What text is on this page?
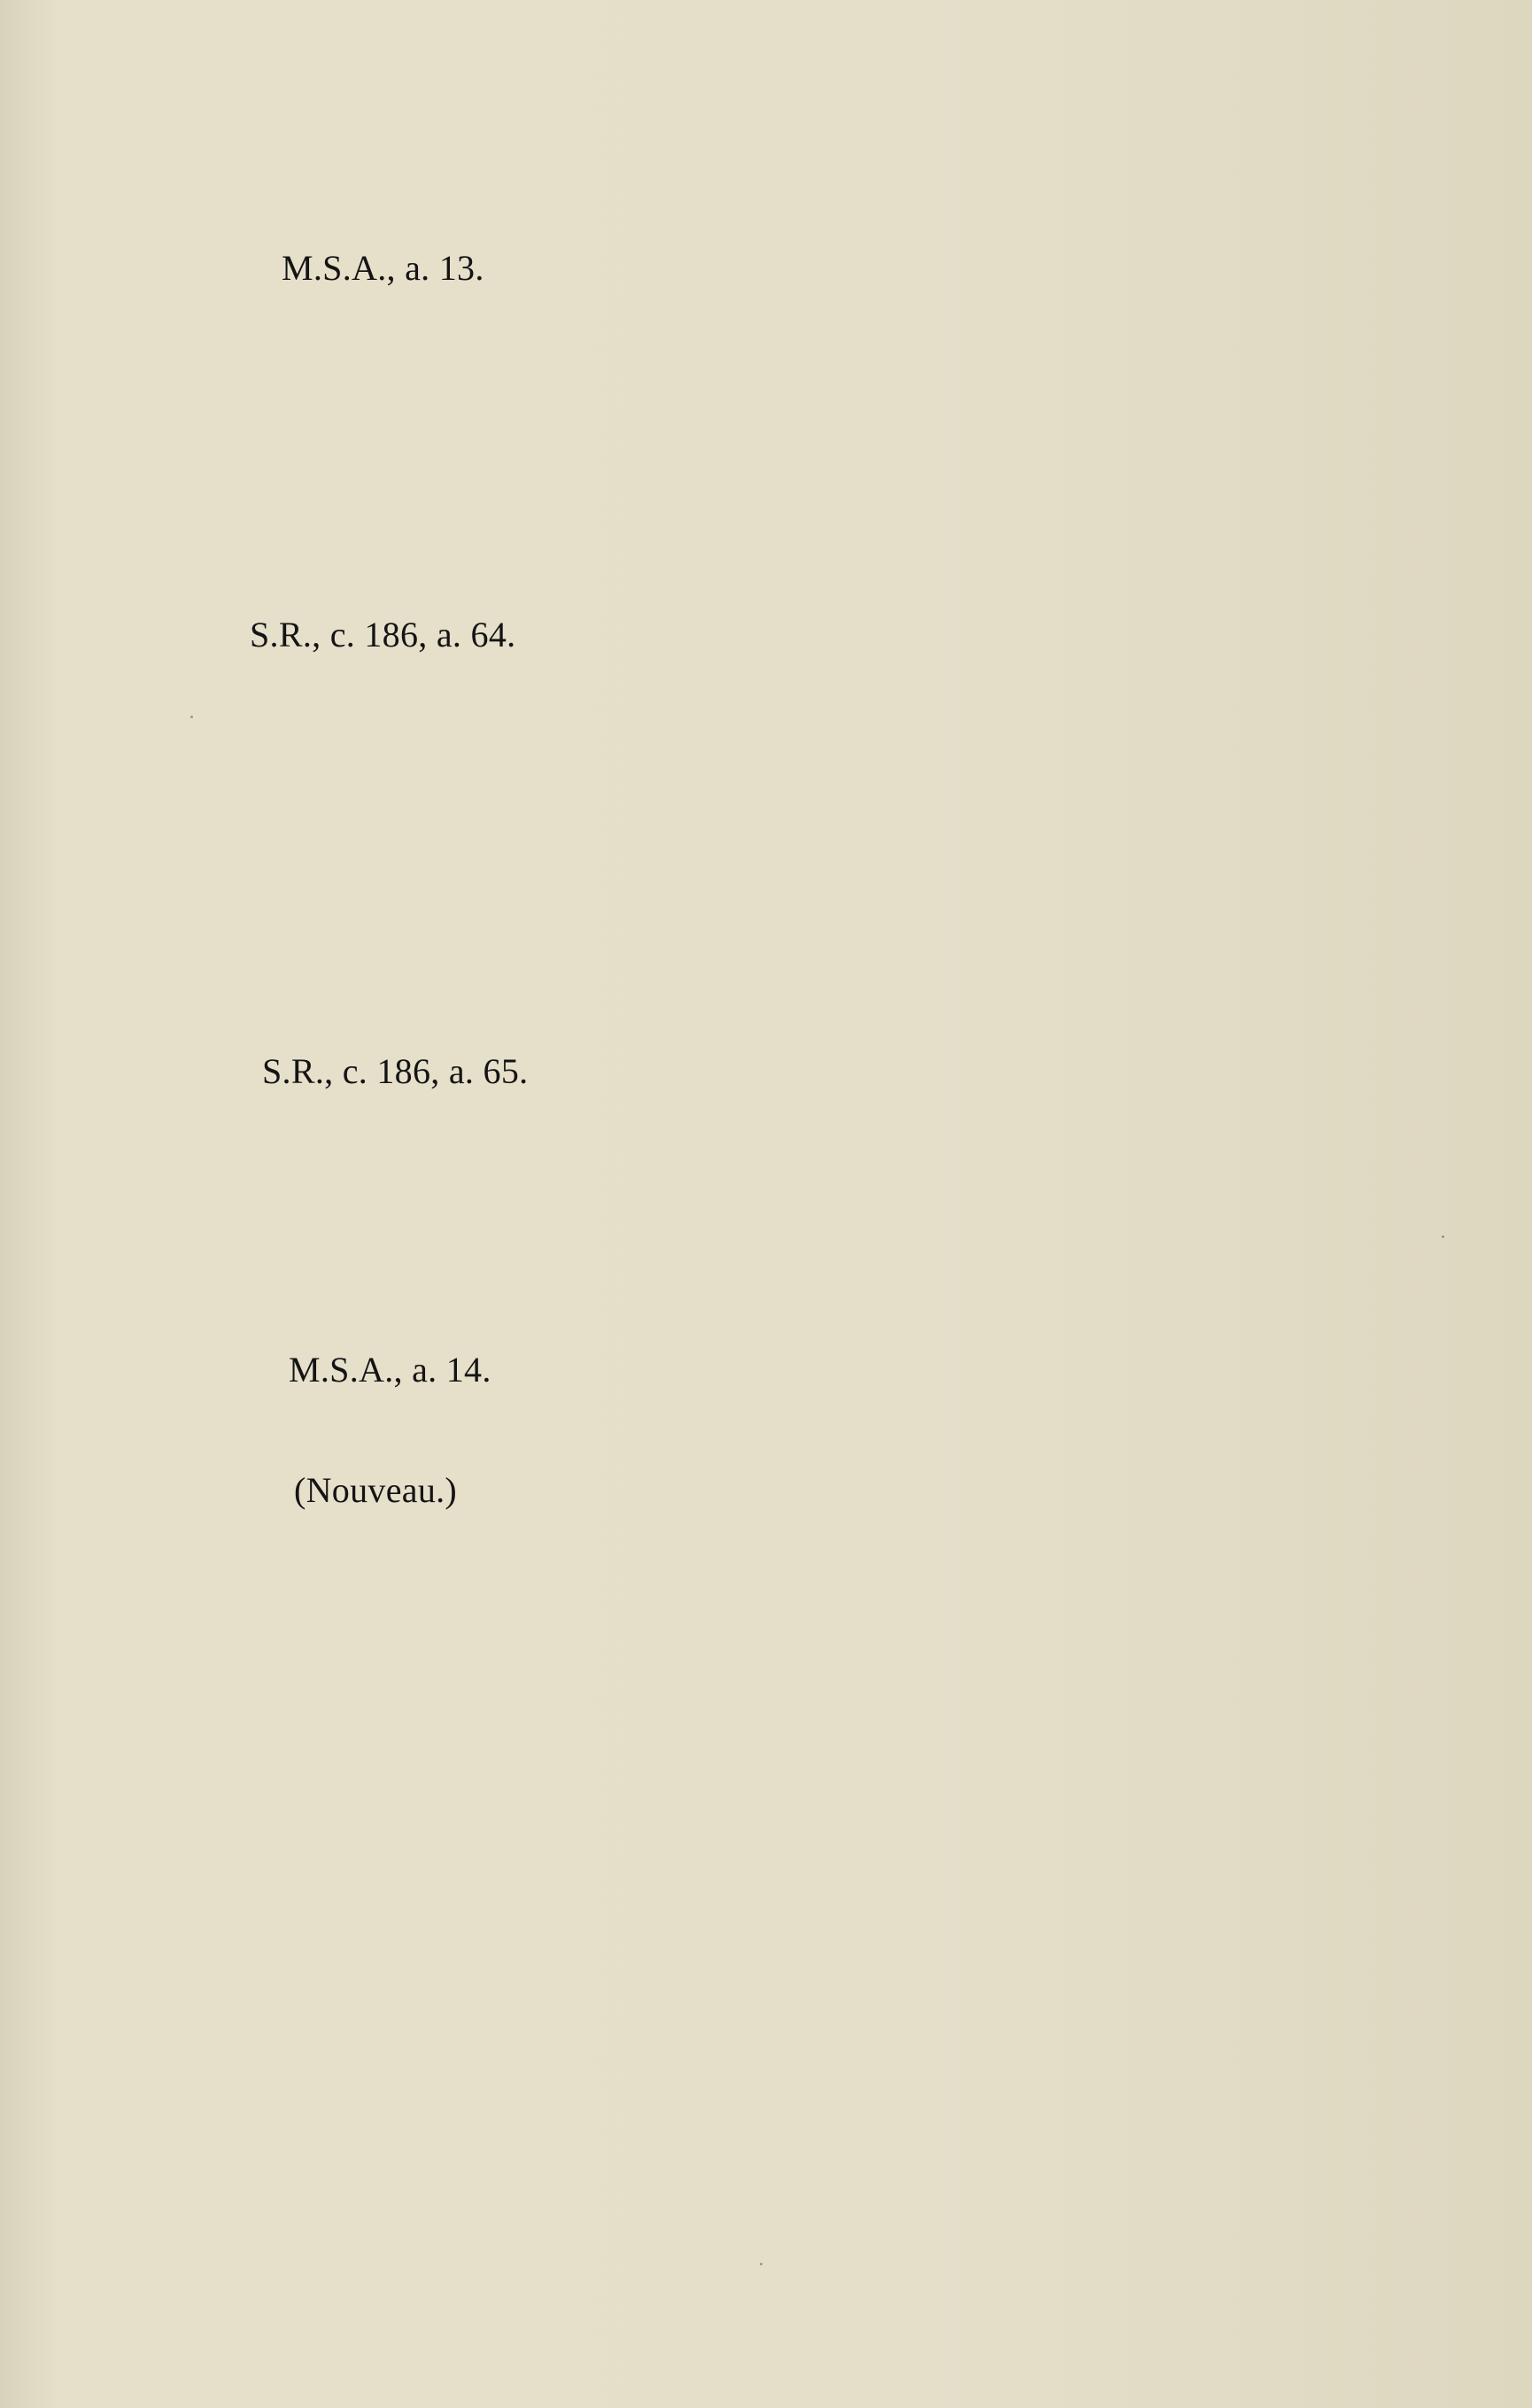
M.S.A., a. 13.
S.R., c. 186, a. 64.
S.R., c. 186, a. 65.
M.S.A., a. 14.
(Nouveau.)
